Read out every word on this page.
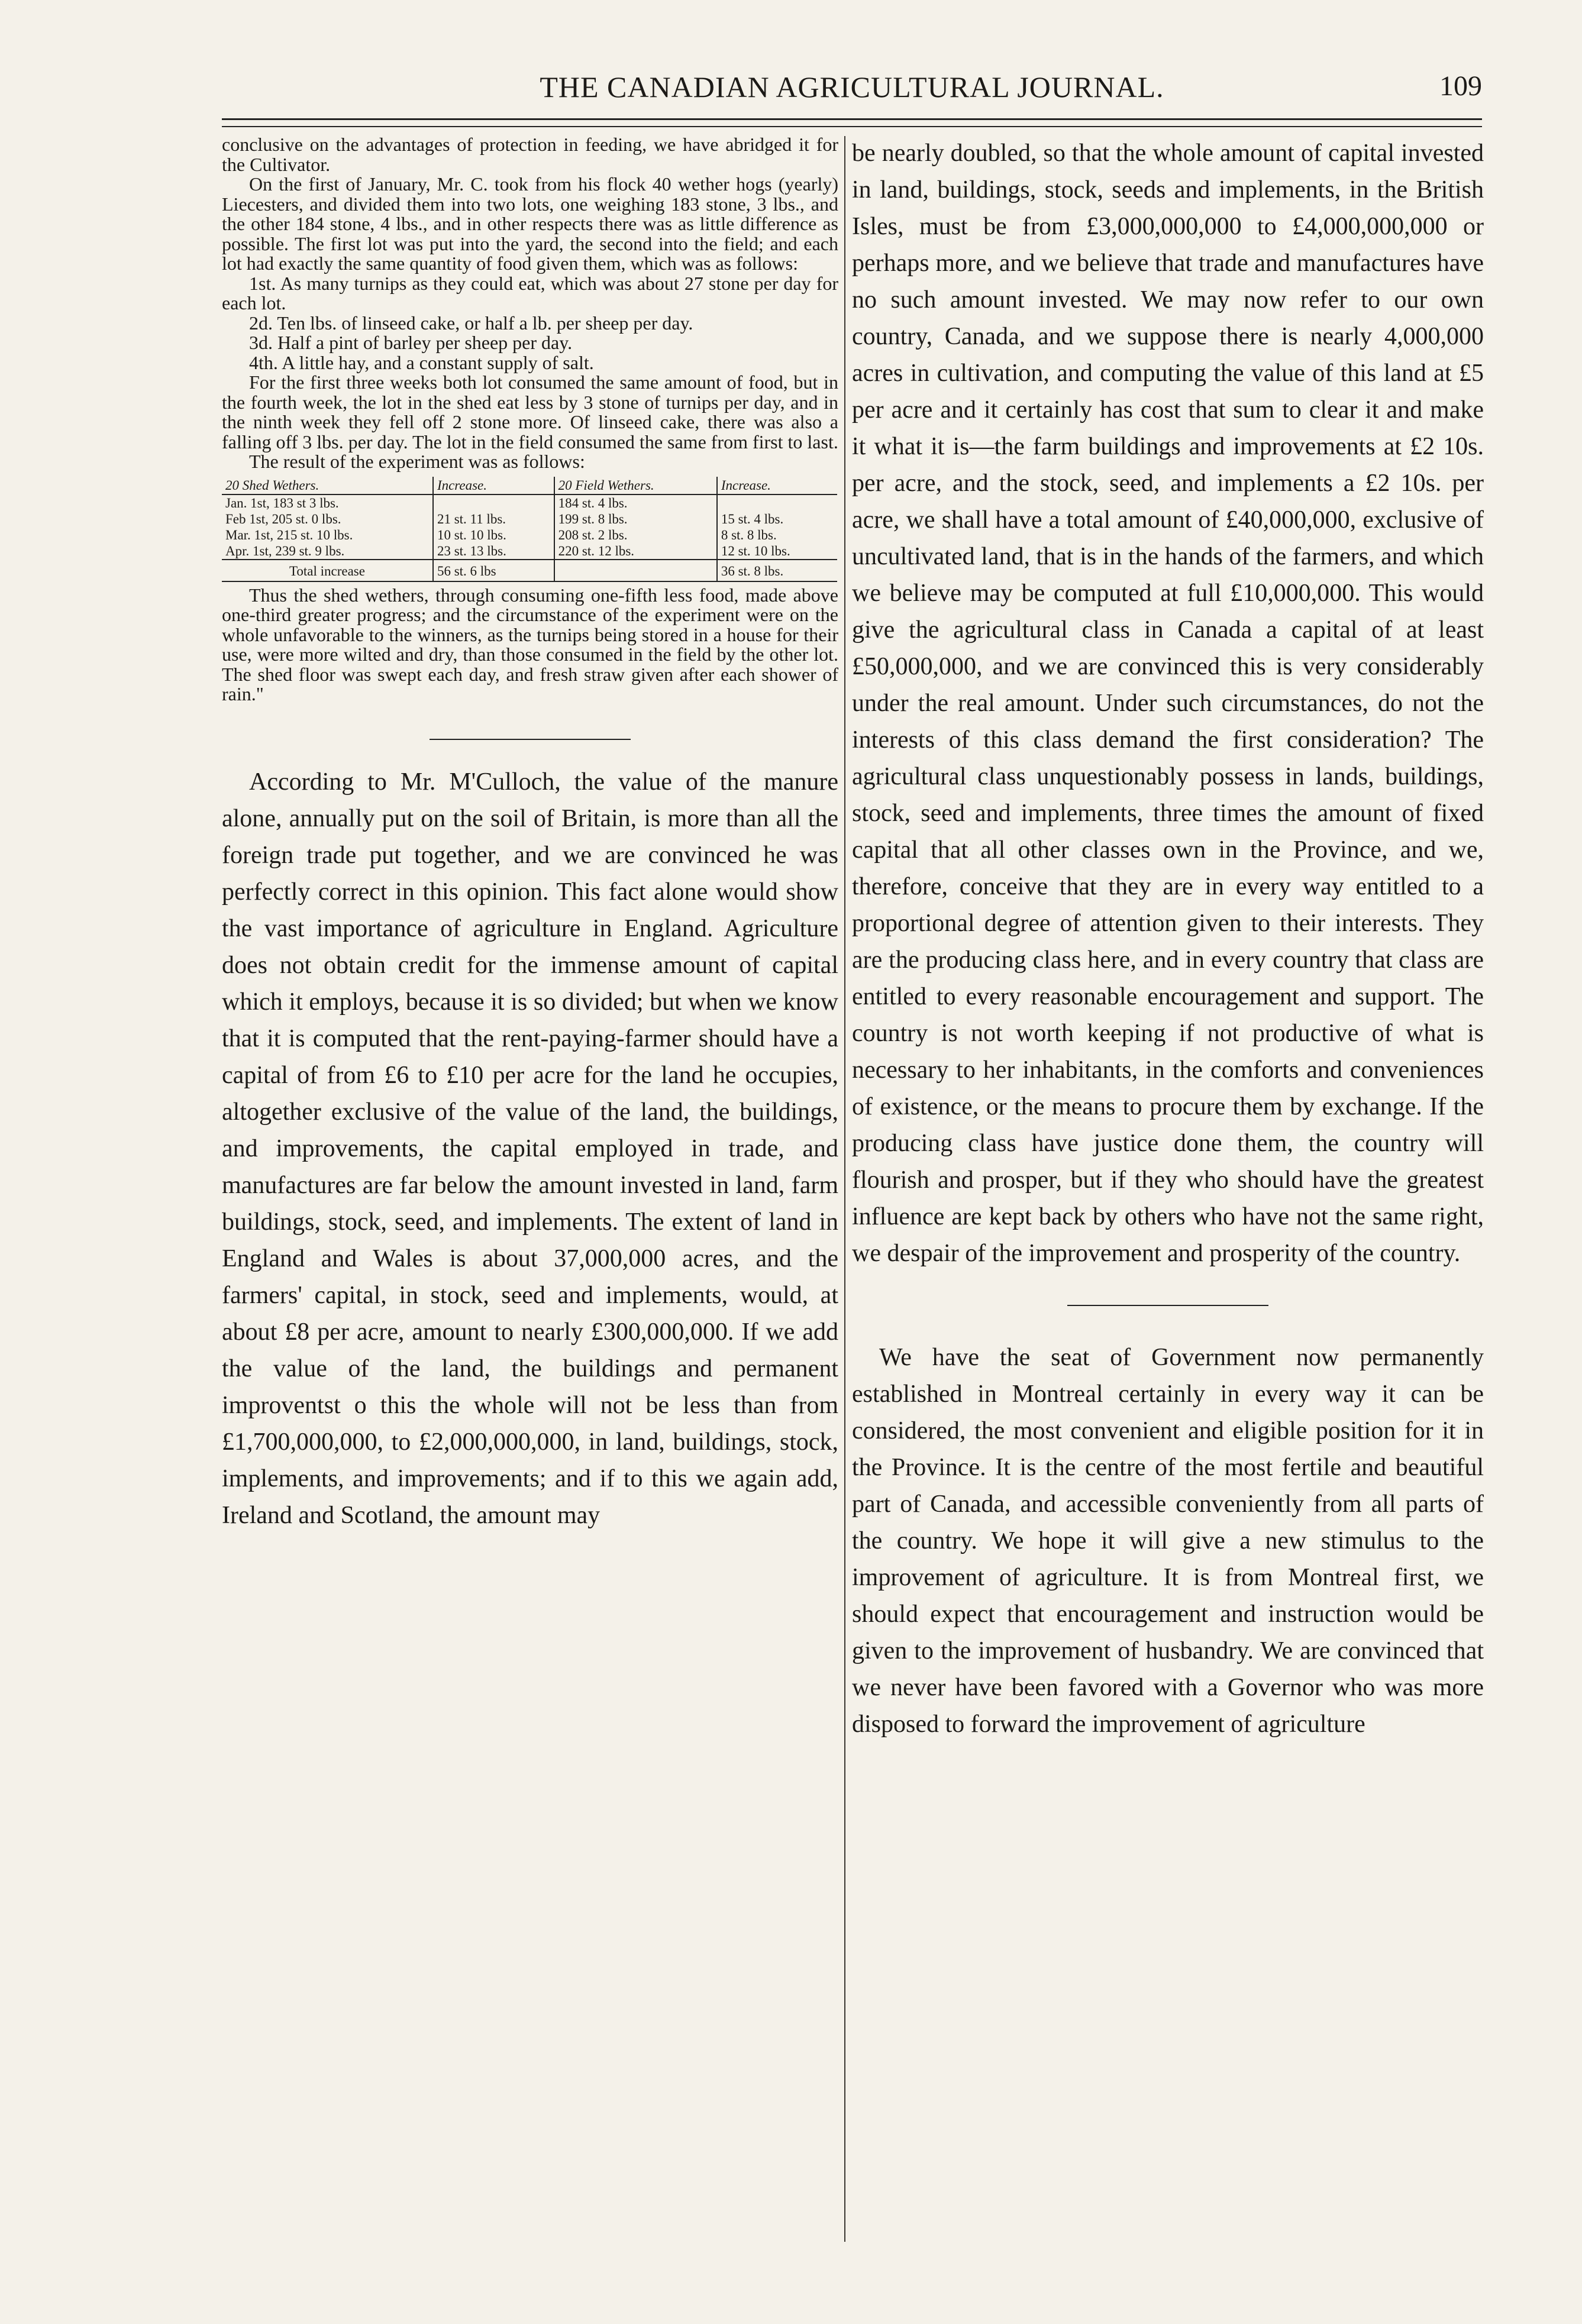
THE CANADIAN AGRICULTURAL JOURNAL.	109

conclusive on the advantages of protection in feeding, we have abridged it for the Cultivator.

On the first of January, Mr. C. took from his flock 40 wether hogs (yearly) Liecesters, and divided them into two lots, one weighing 183 stone, 3 lbs., and the other 184 stone, 4 lbs., and in other respects there was as little difference as possible. The first lot was put into the yard, the second into the field; and each lot had exactly the same quantity of food given them, which was as follows:

1st. As many turnips as they could eat, which was about 27 stone per day for each lot.

2d. Ten lbs. of linseed cake, or half a lb. per sheep per day.

3d. Half a pint of barley per sheep per day.

4th. A little hay, and a constant supply of salt.

For the first three weeks both lot consumed the same amount of food, but in the fourth week, the lot in the shed eat less by 3 stone of turnips per day, and in the ninth week they fell off 2 stone more. Of linseed cake, there was also a falling off 3 lbs. per day. The lot in the field consumed the same from first to last.

The result of the experiment was as follows:

20 Shed Wethers.	Increase.	20 Field Wethers.	Increase.
Jan. 1st, 183 st 3 lbs.		184 st. 4 lbs.	
Feb 1st, 205 st. 0 lbs.	21 st. 11 lbs.	199 st. 8 lbs.	15 st. 4 lbs.
Mar. 1st, 215 st. 10 lbs.	10 st. 10 lbs.	208 st. 2 lbs.	8 st. 8 lbs.
Apr. 1st, 239 st. 9 lbs.	23 st. 13 lbs.	220 st. 12 lbs.	12 st. 10 lbs.
Total increase	56 st. 6 lbs		36 st. 8 lbs.

Thus the shed wethers, through consuming one-fifth less food, made above one-third greater progress; and the circumstance of the experiment were on the whole unfavorable to the winners, as the turnips being stored in a house for their use, were more wilted and dry, than those consumed in the field by the other lot. The shed floor was swept each day, and fresh straw given after each shower of rain."

According to Mr. M'Culloch, the value of the manure alone, annually put on the soil of Britain, is more than all the foreign trade put together, and we are convinced he was perfectly correct in this opinion. This fact alone would show the vast importance of agriculture in England. Agriculture does not obtain credit for the immense amount of capital which it employs, because it is so divided; but when we know that it is computed that the rent-paying-farmer should have a capital of from £6 to £10 per acre for the land he occupies, altogether exclusive of the value of the land, the buildings, and improvements, the capital employed in trade, and manufactures are far below the amount invested in land, farm buildings, stock, seed, and implements. The extent of land in England and Wales is about 37,000,000 acres, and the farmers' capital, in stock, seed and implements, would, at about £8 per acre, amount to nearly £300,000,000. If we add the value of the land, the buildings and permanent improventst o this the whole will not be less than from £1,700,000,000, to £2,000,000,000, in land, buildings, stock, implements, and improvements; and if to this we again add, Ireland and Scotland, the amount may

be nearly doubled, so that the whole amount of capital invested in land, buildings, stock, seeds and implements, in the British Isles, must be from £3,000,000,000 to £4,000,000,000 or perhaps more, and we believe that trade and manufactures have no such amount invested. We may now refer to our own country, Canada, and we suppose there is nearly 4,000,000 acres in cultivation, and computing the value of this land at £5 per acre and it certainly has cost that sum to clear it and make it what it is—the farm buildings and improvements at £2 10s. per acre, and the stock, seed, and implements a £2 10s. per acre, we shall have a total amount of £40,000,000, exclusive of uncultivated land, that is in the hands of the farmers, and which we believe may be computed at full £10,000,000. This would give the agricultural class in Canada a capital of at least £50,000,000, and we are convinced this is very considerably under the real amount. Under such circumstances, do not the interests of this class demand the first consideration? The agricultural class unquestionably possess in lands, buildings, stock, seed and implements, three times the amount of fixed capital that all other classes own in the Province, and we, therefore, conceive that they are in every way entitled to a proportional degree of attention given to their interests. They are the producing class here, and in every country that class are entitled to every reasonable encouragement and support. The country is not worth keeping if not productive of what is necessary to her inhabitants, in the comforts and conveniences of existence, or the means to procure them by exchange. If the producing class have justice done them, the country will flourish and prosper, but if they who should have the greatest influence are kept back by others who have not the same right, we despair of the improvement and prosperity of the country.

We have the seat of Government now permanently established in Montreal certainly in every way it can be considered, the most convenient and eligible position for it in the Province. It is the centre of the most fertile and beautiful part of Canada, and accessible conveniently from all parts of the country. We hope it will give a new stimulus to the improvement of agriculture. It is from Montreal first, we should expect that encouragement and instruction would be given to the improvement of husbandry. We are convinced that we never have been favored with a Governor who was more disposed to forward the improvement of agriculture
